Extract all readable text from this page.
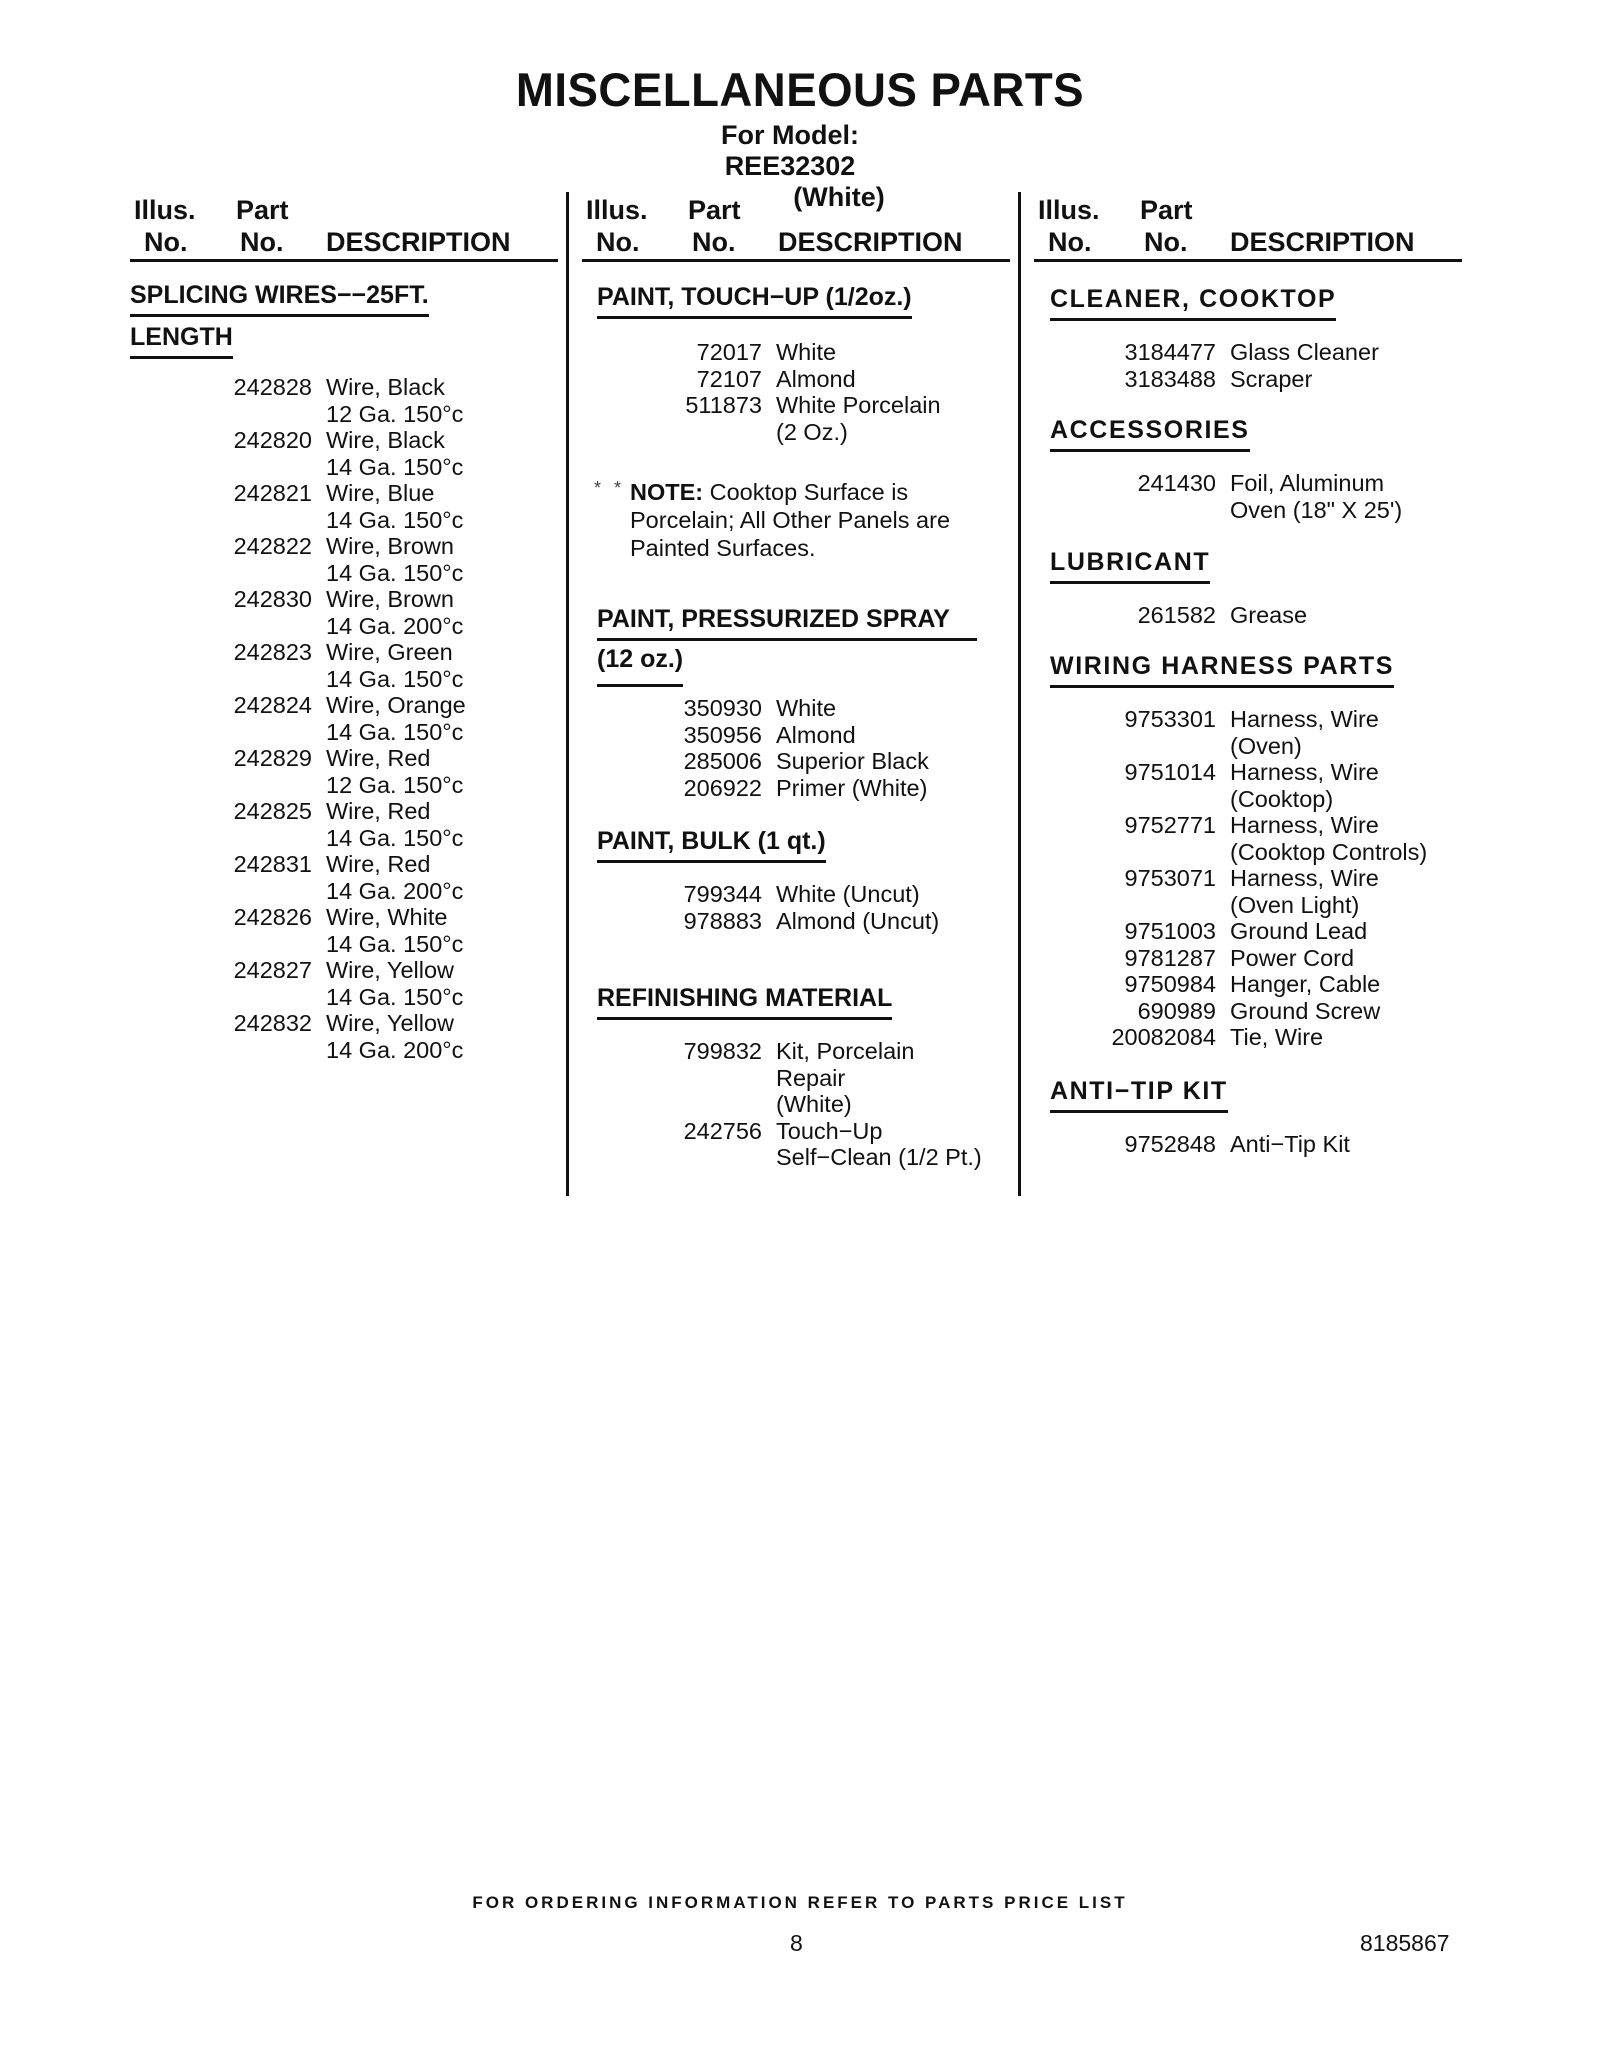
MISCELLANEOUS PARTS
For Model: REE32302
(White)
Illus.
No.
Part
No. DESCRIPTION
Illus.
No.
Part
No. DESCRIPTION
Illus.
No.
Part
No. DESCRIPTION
SPLICING WIRES−−25FT.
LENGTH
242828 Wire, Black
12 Ga. 150°c
242820 Wire, Black
14 Ga. 150°c
242821 Wire, Blue
14 Ga. 150°c
242822 Wire, Brown
14 Ga. 150°c
242830 Wire, Brown
14 Ga. 200°c
242823 Wire, Green
14 Ga. 150°c
242824 Wire, Orange
14 Ga. 150°c
242829 Wire, Red
12 Ga. 150°c
242825 Wire, Red
14 Ga. 150°c
242831 Wire, Red
14 Ga. 200°c
242826 Wire, White
14 Ga. 150°c
242827 Wire, Yellow
14 Ga. 150°c
242832 Wire, Yellow
14 Ga. 200°c
PAINT, TOUCH−UP (1/2oz.)
72017 White
72107 Almond
511873 White Porcelain
(2 Oz.)
* * NOTE: Cooktop Surface is
Porcelain; All Other Panels are
Painted Surfaces.
PAINT, PRESSURIZED SPRAY
(12 oz.)
350930 White
350956 Almond
285006 Superior Black
206922 Primer (White)
PAINT, BULK (1 qt.)
799344 White (Uncut)
978883 Almond (Uncut)
REFINISHING MATERIAL
799832 Kit, Porcelain
Repair
(White)
242756 Touch−Up
Self−Clean (1/2 Pt.)
CLEANER, COOKTOP
3184477 Glass Cleaner
3183488 Scraper
ACCESSORIES
241430 Foil, Aluminum
Oven (18" X 25')
LUBRICANT
261582 Grease
WIRING HARNESS PARTS
9753301 Harness, Wire
(Oven)
9751014 Harness, Wire
(Cooktop)
9752771 Harness, Wire
(Cooktop Controls)
9753071 Harness, Wire
(Oven Light)
9751003 Ground Lead
9781287 Power Cord
9750984 Hanger, Cable
690989 Ground Screw
20082084 Tie, Wire
ANTI−TIP KIT
9752848 Anti−Tip Kit
FOR ORDERING INFORMATION REFER TO PARTS PRICE LIST
8	8185867
